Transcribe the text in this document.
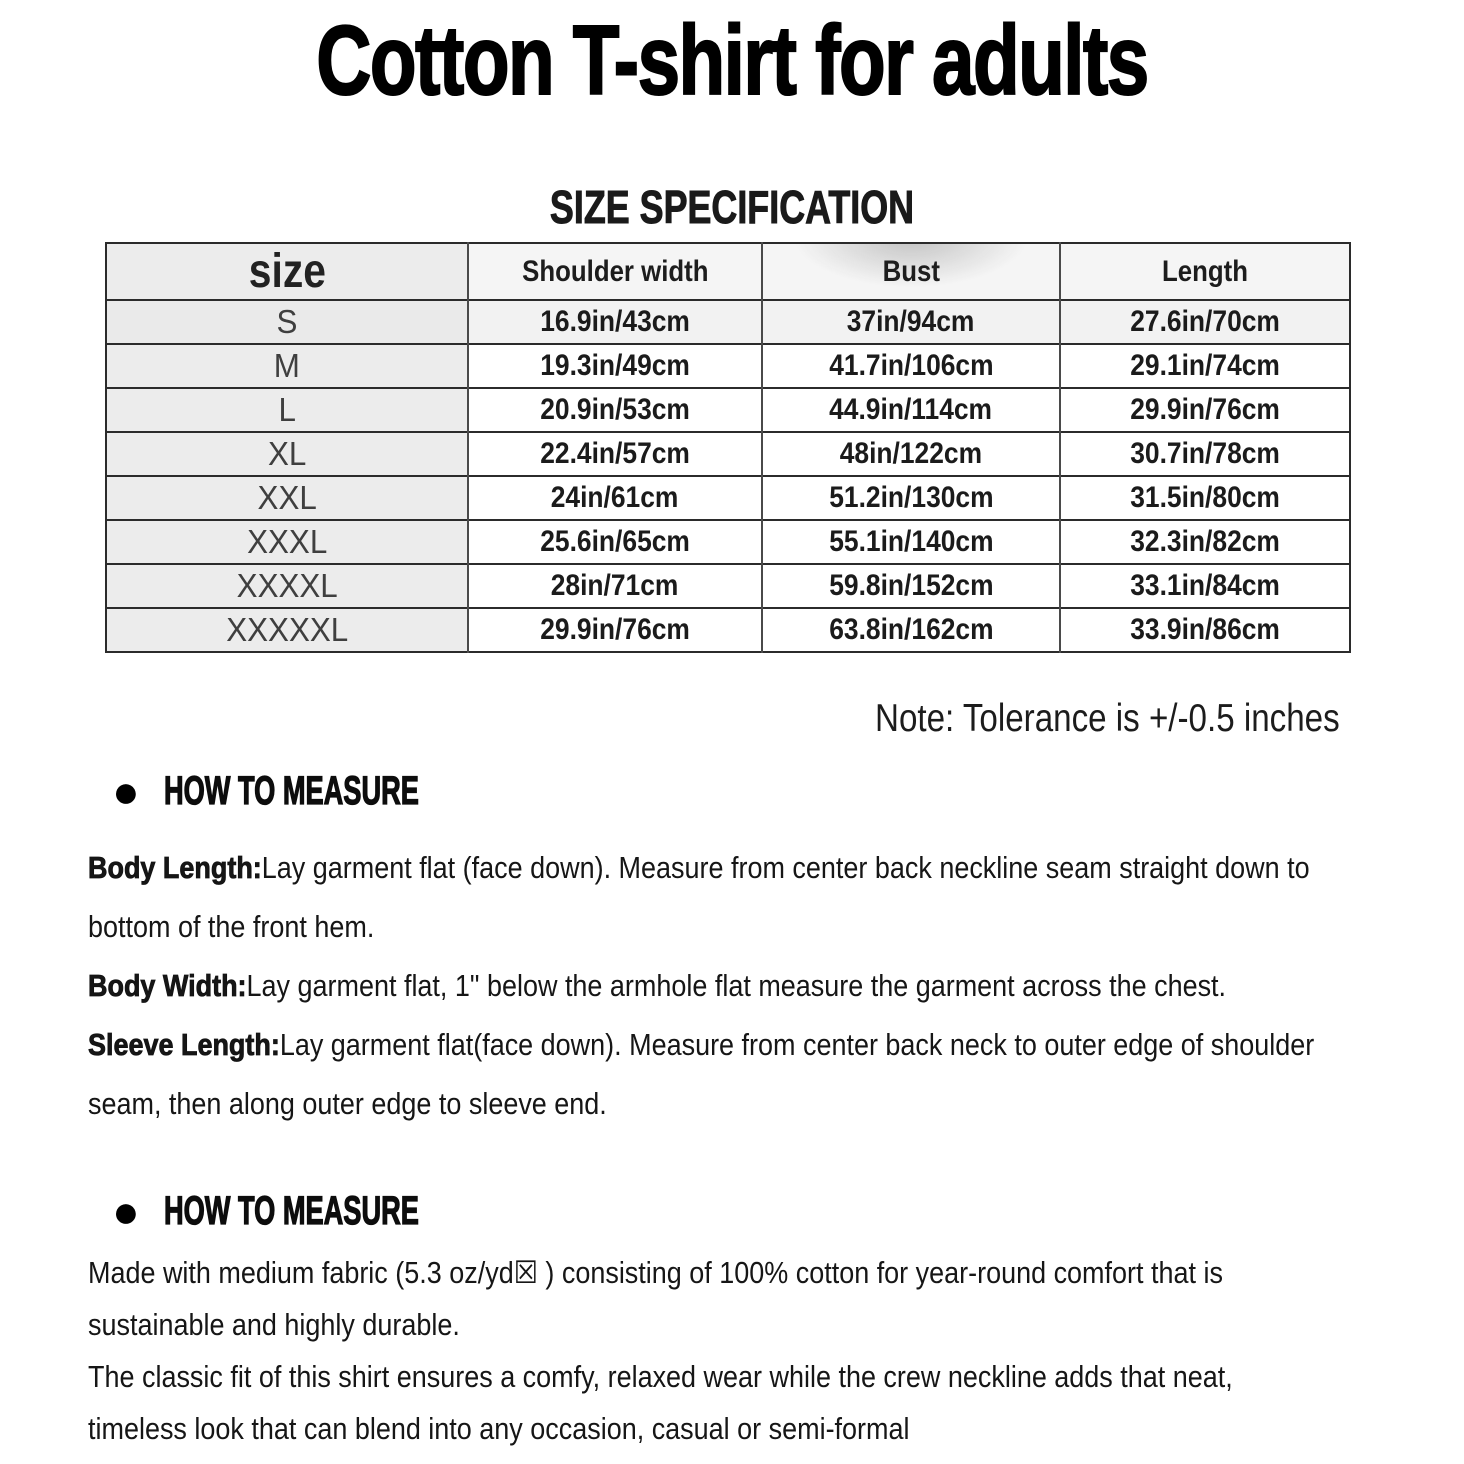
Cotton T-shirt for adults
SIZE SPECIFICATION
size	Shoulder width	Bust	Length
S	16.9in/43cm	37in/94cm	27.6in/70cm
M	19.3in/49cm	41.7in/106cm	29.1in/74cm
L	20.9in/53cm	44.9in/114cm	29.9in/76cm
XL	22.4in/57cm	48in/122cm	30.7in/78cm
XXL	24in/61cm	51.2in/130cm	31.5in/80cm
XXXL	25.6in/65cm	55.1in/140cm	32.3in/82cm
XXXXL	28in/71cm	59.8in/152cm	33.1in/84cm
XXXXXL	29.9in/76cm	63.8in/162cm	33.9in/86cm
Note: Tolerance is +/-0.5 inches
● HOW TO MEASURE
Body Length: Lay garment flat (face down). Measure from center back neckline seam straight down to
bottom of the front hem.
Body Width: Lay garment flat, 1" below the armhole flat measure the garment across the chest.
Sleeve Length: Lay garment flat(face down). Measure from center back neck to outer edge of shoulder
seam, then along outer edge to sleeve end.
● HOW TO MEASURE
Made with medium fabric (5.3 oz/yd☒ ) consisting of 100% cotton for year-round comfort that is
sustainable and highly durable.
The classic fit of this shirt ensures a comfy, relaxed wear while the crew neckline adds that neat,
timeless look that can blend into any occasion, casual or semi-formal
